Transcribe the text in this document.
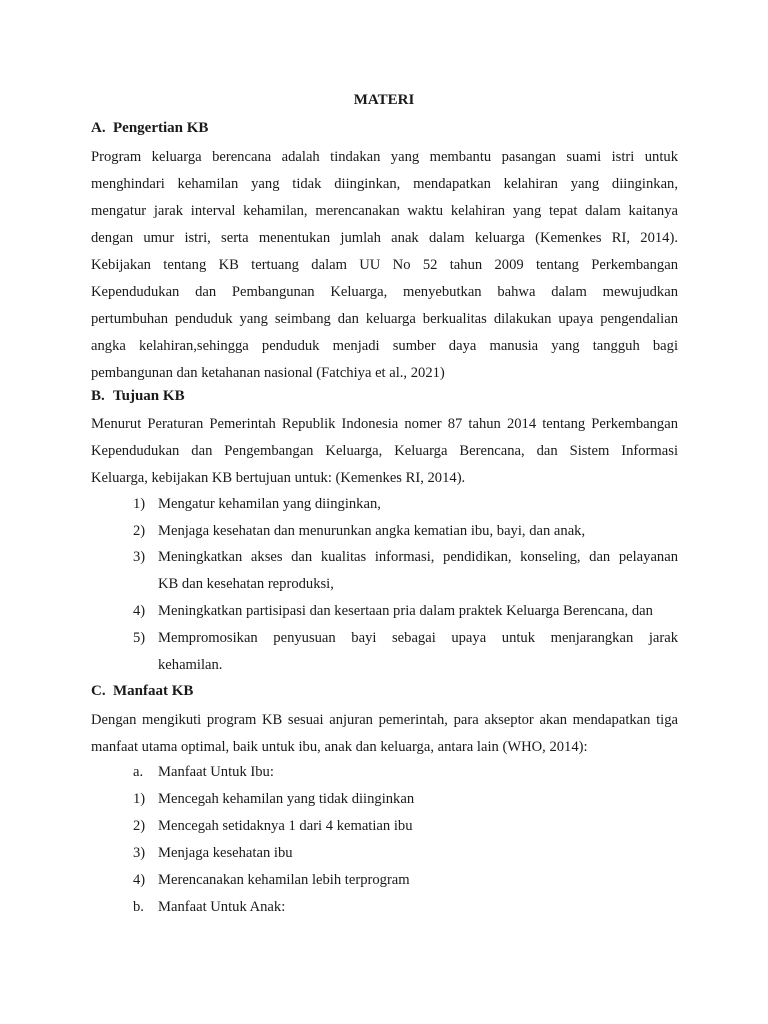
MATERI
A. Pengertian KB
Program keluarga berencana adalah tindakan yang membantu pasangan suami istri untuk
menghindari kehamilan yang tidak diinginkan, mendapatkan kelahiran yang diinginkan,
mengatur jarak interval kehamilan, merencanakan waktu kelahiran yang tepat dalam kaitanya
dengan umur istri, serta menentukan jumlah anak dalam keluarga (Kemenkes RI, 2014).
Kebijakan tentang KB tertuang dalam UU No 52 tahun 2009 tentang Perkembangan
Kependudukan dan Pembangunan Keluarga, menyebutkan bahwa dalam mewujudkan
pertumbuhan penduduk yang seimbang dan keluarga berkualitas dilakukan upaya pengendalian
angka kelahiran,sehingga penduduk menjadi sumber daya manusia yang tangguh bagi
pembangunan dan ketahanan nasional (Fatchiya et al., 2021)
B. Tujuan KB
Menurut Peraturan Pemerintah Republik Indonesia nomer 87 tahun 2014 tentang Perkembangan
Kependudukan dan Pengembangan Keluarga, Keluarga Berencana, dan Sistem Informasi
Keluarga, kebijakan KB bertujuan untuk: (Kemenkes RI, 2014).
1) Mengatur kehamilan yang diinginkan,
2) Menjaga kesehatan dan menurunkan angka kematian ibu, bayi, dan anak,
3) Meningkatkan akses dan kualitas informasi, pendidikan, konseling, dan pelayanan
KB dan kesehatan reproduksi,
4) Meningkatkan partisipasi dan kesertaan pria dalam praktek Keluarga Berencana, dan
5) Mempromosikan penyusuan bayi sebagai upaya untuk menjarangkan jarak
kehamilan.
C. Manfaat KB
Dengan mengikuti program KB sesuai anjuran pemerintah, para akseptor akan mendapatkan tiga
manfaat utama optimal, baik untuk ibu, anak dan keluarga, antara lain (WHO, 2014):
a. Manfaat Untuk Ibu:
1) Mencegah kehamilan yang tidak diinginkan
2) Mencegah setidaknya 1 dari 4 kematian ibu
3) Menjaga kesehatan ibu
4) Merencanakan kehamilan lebih terprogram
b. Manfaat Untuk Anak:
